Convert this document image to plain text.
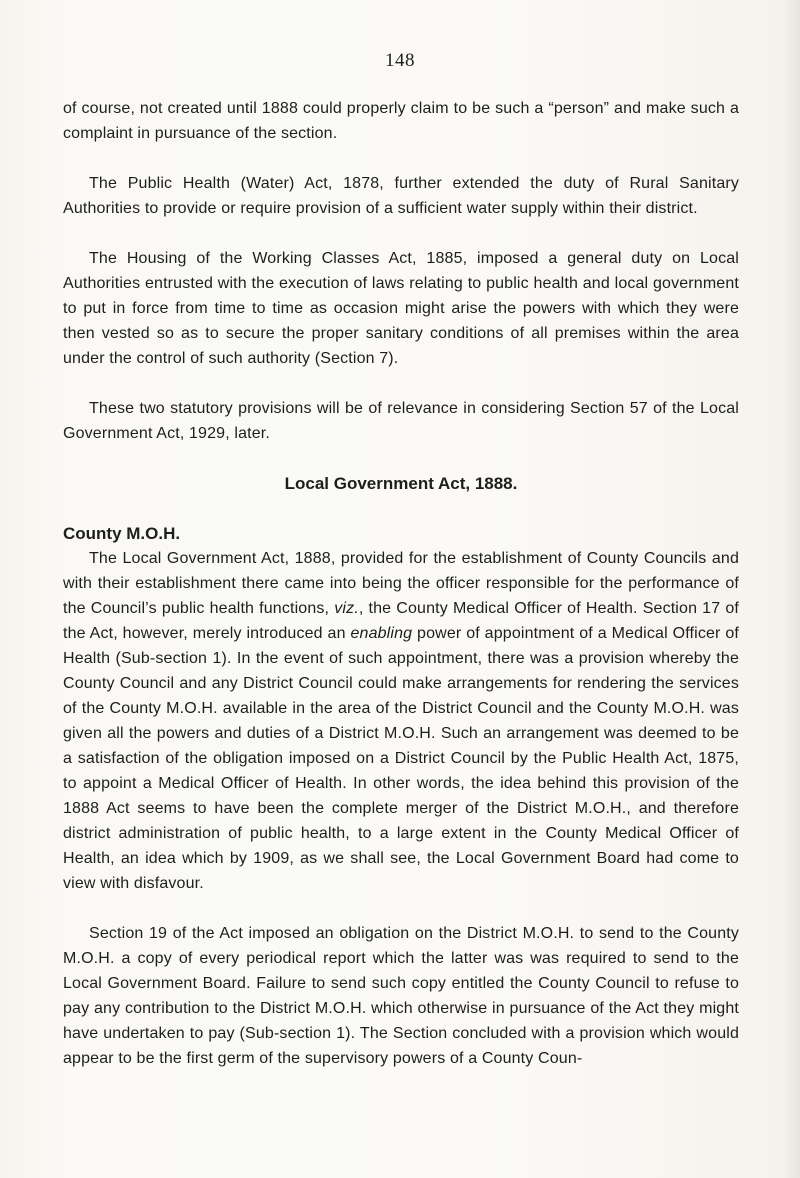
148

of course, not created until 1888 could properly claim to be such a “person” and make such a complaint in pursuance of the section.

The Public Health (Water) Act, 1878, further extended the duty of Rural Sanitary Authorities to provide or require provision of a sufficient water supply within their district.

The Housing of the Working Classes Act, 1885, imposed a general duty on Local Authorities entrusted with the execution of laws relating to public health and local government to put in force from time to time as occasion might arise the powers with which they were then vested so as to secure the proper sanitary conditions of all premises within the area under the control of such authority (Section 7).

These two statutory provisions will be of relevance in considering Section 57 of the Local Government Act, 1929, later.

Local Government Act, 1888.
County M.O.H.

The Local Government Act, 1888, provided for the establishment of County Councils and with their establishment there came into being the officer responsible for the performance of the Council’s public health functions, viz., the County Medical Officer of Health. Section 17 of the Act, however, merely introduced an enabling power of appointment of a Medical Officer of Health (Sub-section 1). In the event of such appointment, there was a provision whereby the County Council and any District Council could make arrangements for rendering the services of the County M.O.H. available in the area of the District Council and the County M.O.H. was given all the powers and duties of a District M.O.H. Such an arrangement was deemed to be a satisfaction of the obligation imposed on a District Council by the Public Health Act, 1875, to appoint a Medical Officer of Health. In other words, the idea behind this provision of the 1888 Act seems to have been the complete merger of the District M.O.H., and therefore district administration of public health, to a large extent in the County Medical Officer of Health, an idea which by 1909, as we shall see, the Local Government Board had come to view with disfavour.

Section 19 of the Act imposed an obligation on the District M.O.H. to send to the County M.O.H. a copy of every periodical report which the latter was was required to send to the Local Government Board. Failure to send such copy entitled the County Council to refuse to pay any contribution to the District M.O.H. which otherwise in pursuance of the Act they might have undertaken to pay (Sub-section 1). The Section concluded with a provision which would appear to be the first germ of the supervisory powers of a County Coun-
